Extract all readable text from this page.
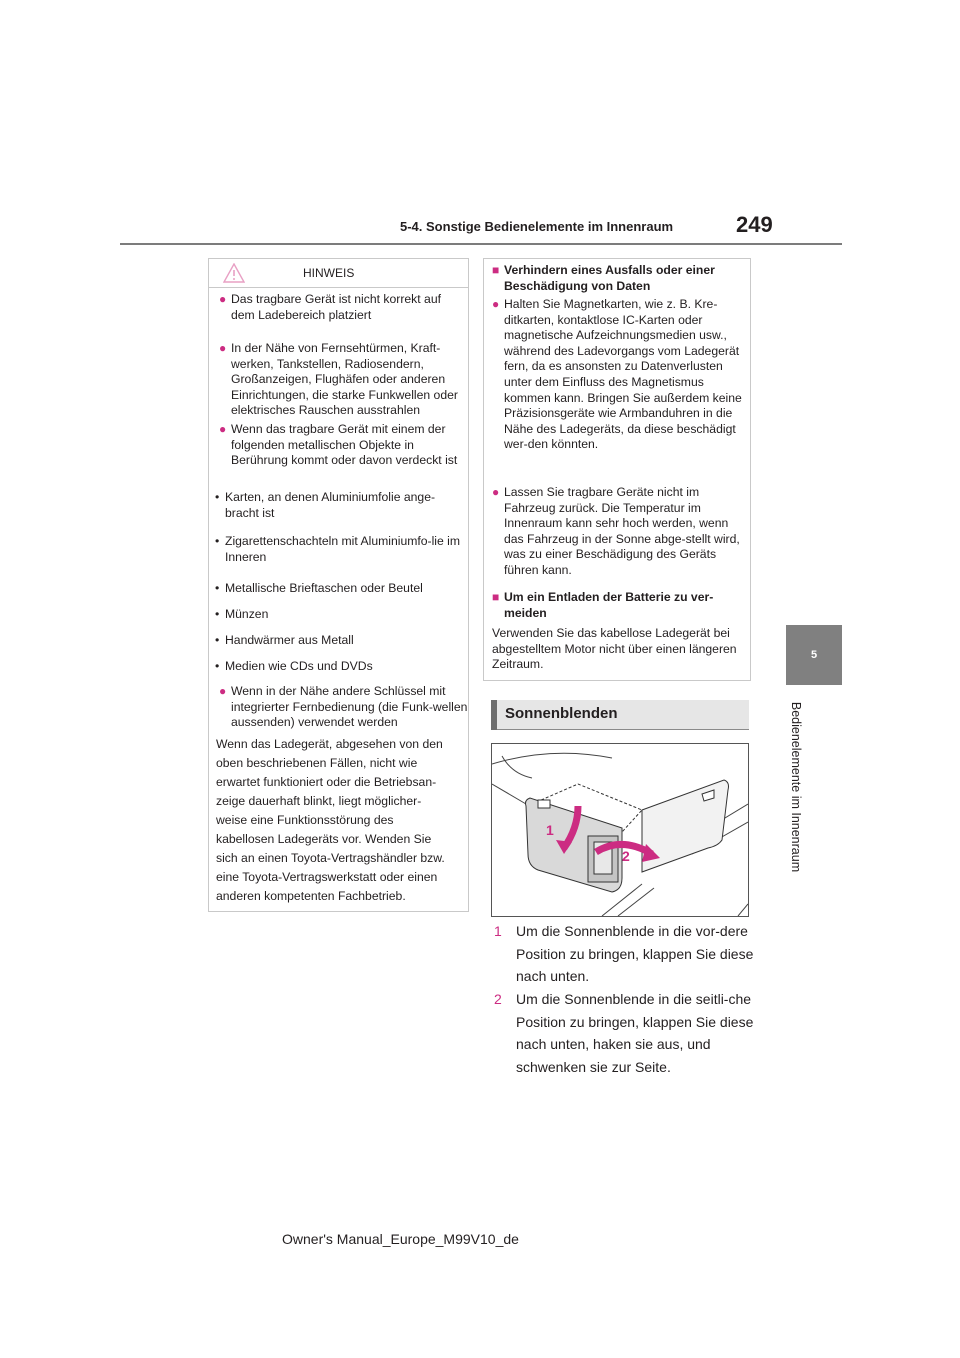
5-4. Sonstige Bedienelemente im Innenraum	249
5
Bedienelemente im Innenraum
HINWEIS
● Das tragbare Gerät ist nicht korrekt auf dem Ladebereich platziert
● In der Nähe von Fernsehtürmen, Kraft-werken, Tankstellen, Radiosendern, Großanzeigen, Flughäfen oder anderen Einrichtungen, die starke Funkwellen oder elektrisches Rauschen ausstrahlen
● Wenn das tragbare Gerät mit einem der folgenden metallischen Objekte in Berührung kommt oder davon verdeckt ist
• Karten, an denen Aluminiumfolie ange-bracht ist
• Zigarettenschachteln mit Aluminiumfo-lie im Inneren
• Metallische Brieftaschen oder Beutel
• Münzen
• Handwärmer aus Metall
• Medien wie CDs und DVDs
● Wenn in der Nähe andere Schlüssel mit integrierter Fernbedienung (die Funk-wellen aussenden) verwendet werden
Wenn das Ladegerät, abgesehen von den
oben beschriebenen Fällen, nicht wie
erwartet funktioniert oder die Betriebsan-
zeige dauerhaft blinkt, liegt möglicher-
weise eine Funktionsstörung des
kabellosen Ladegeräts vor. Wenden Sie
sich an einen Toyota-Vertragshändler bzw.
eine Toyota-Vertragswerkstatt oder einen
anderen kompetenten Fachbetrieb.
■ Verhindern eines Ausfalls oder einer Beschädigung von Daten
● Halten Sie Magnetkarten, wie z. B. Kre-ditkarten, kontaktlose IC-Karten oder magnetische Aufzeichnungsmedien usw., während des Ladevorgangs vom Ladegerät fern, da es ansonsten zu Datenverlusten unter dem Einfluss des Magnetismus kommen kann. Bringen Sie außerdem keine Präzisionsgeräte wie Armbanduhren in die Nähe des Ladegeräts, da diese beschädigt wer-den könnten.
● Lassen Sie tragbare Geräte nicht im Fahrzeug zurück. Die Temperatur im Innenraum kann sehr hoch werden, wenn das Fahrzeug in der Sonne abge-stellt wird, was zu einer Beschädigung des Geräts führen kann.
■ Um ein Entladen der Batterie zu ver-meiden
Verwenden Sie das kabellose Ladegerät bei abgestelltem Motor nicht über einen längeren Zeitraum.
Sonnenblenden
1
2
1 Um die Sonnenblende in die vor-dere Position zu bringen, klappen Sie diese nach unten.
2 Um die Sonnenblende in die seitli-che Position zu bringen, klappen Sie diese nach unten, haken sie aus, und schwenken sie zur Seite.
Owner's Manual_Europe_M99V10_de
